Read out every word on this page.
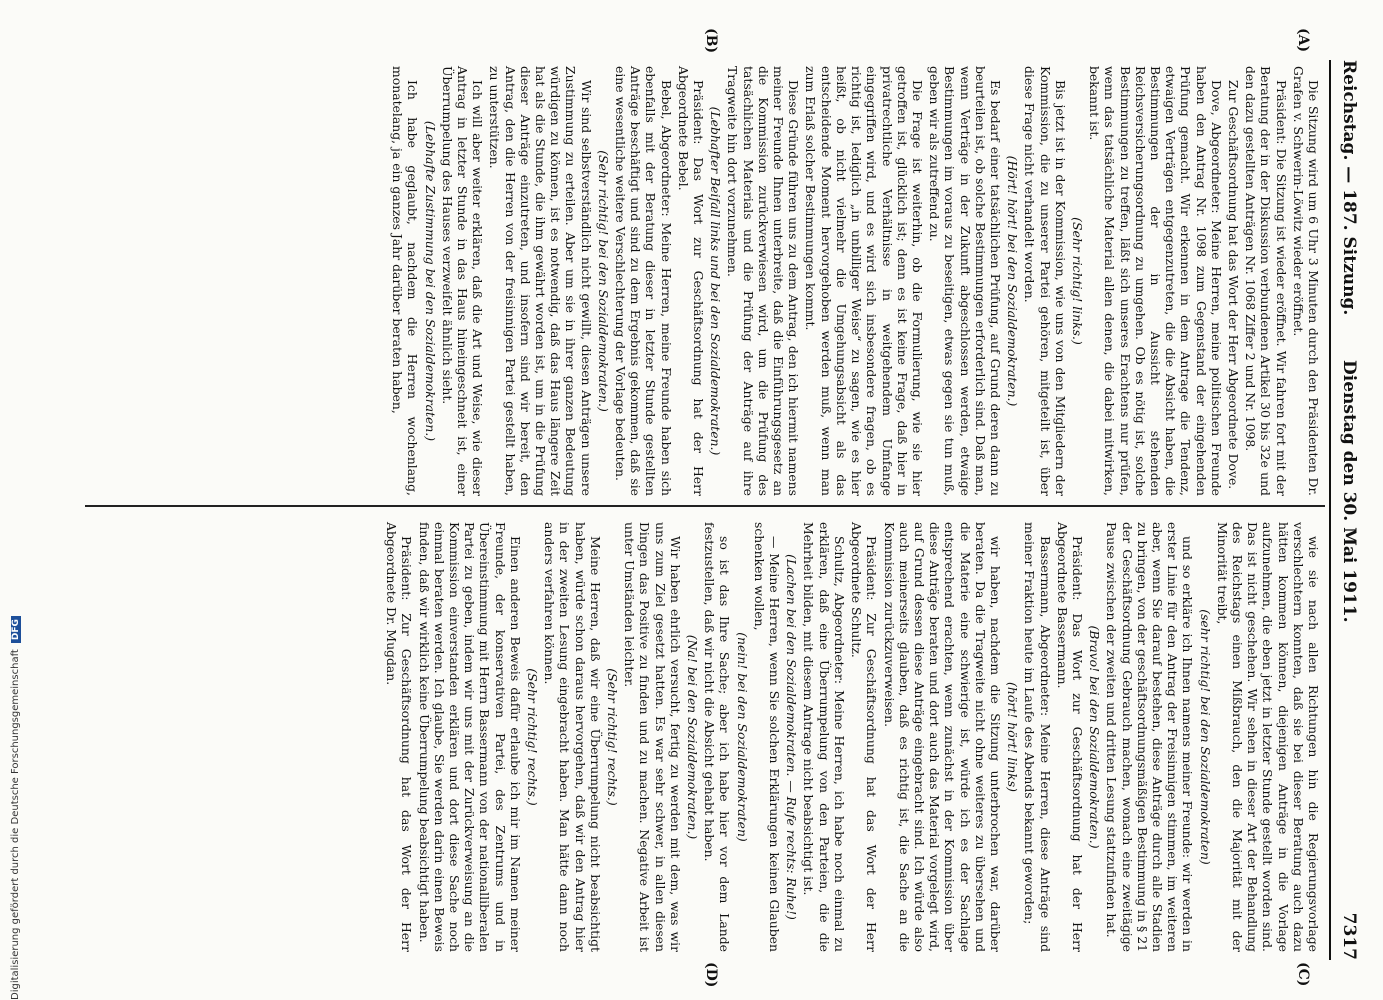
Reichstag. — 187. Sitzung.
Dienstag den 30. Mai 1911.
7317
(A)
(B)
(C)
(D)

Die Sitzung wird um 6 Uhr 3 Minuten durch den Präsidenten Dr. Grafen v. Schwerin-Löwitz wieder eröffnet.

Präsident: Die Sitzung ist wieder eröffnet. Wir fahren fort mit der Beratung der in der Diskussion verbundenen Artikel 30 bis 32e und den dazu gestellten Anträgen Nr. 1068 Ziffer 2 und Nr. 1098.

Zur Geschäftsordnung hat das Wort der Herr Abgeordnete Dove.

Dove, Abgeordneter: Meine Herren, meine politischen Freunde haben den Antrag Nr. 1098 zum Gegenstand der eingehenden Prüfung gemacht. Wir erkennen in dem Antrage die Tendenz, etwaigen Verträgen entgegenzutreten, die die Absicht haben, die Bestimmungen der in Aussicht stehenden Reichsversicherungsordnung zu umgehen. Ob es nötig ist, solche Bestimmungen zu treffen, läßt sich unseres Erachtens nur prüfen, wenn das tatsächliche Material allen denen, die dabei mitwirken, bekannt ist.

(Sehr richtig! links.)

Bis jetzt ist in der Kommission, wie uns von den Mitgliedern der Kommission, die zu unserer Partei gehören, mitgeteilt ist, über diese Frage nicht verhandelt worden.

(Hört! hört! bei den Sozialdemokraten.)

Es bedarf einer tatsächlichen Prüfung, auf Grund deren dann zu beurteilen ist, ob solche Bestimmungen erforderlich sind. Daß man, wenn Verträge in der Zukunft abgeschlossen werden, etwaige Bestimmungen im voraus zu beseitigen, etwas gegen sie tun muß, geben wir als zutreffend zu.

Die Frage ist weiterhin, ob die Formulierung, wie sie hier getroffen ist, glücklich ist; denn es ist keine Frage, daß hier in privatrechtliche Verhältnisse in weitgehendem Umfange eingegriffen wird, und es wird sich insbesondere fragen, ob es richtig ist, lediglich „in unbilliger Weise“ zu sagen, wie es hier heißt, ob nicht vielmehr die Umgehungsabsicht als das entscheidende Moment hervorgehoben werden muß, wenn man zum Erlaß solcher Bestimmungen kommt.

Diese Gründe führen uns zu dem Antrag, den ich hiermit namens meiner Freunde Ihnen unterbreite, daß die Einführungsgesetz an die Kommission zurückverwiesen wird, um die Prüfung des tatsächlichen Materials und die Prüfung der Anträge auf ihre Tragweite hin dort vorzunehmen.

(Lebhafter Beifall links und bei den Sozialdemokraten.)

Präsident: Das Wort zur Geschäftsordnung hat der Herr Abgeordnete Bebel.

Bebel, Abgeordneter: Meine Herren, meine Freunde haben sich ebenfalls mit der Beratung dieser in letzter Stunde gestellten Anträge beschäftigt und sind zu dem Ergebnis gekommen, daß sie eine wesentliche weitere Verschlechterung der Vorlage bedeuten.

(Sehr richtig! bei den Sozialdemokraten.)

Wir sind selbstverständlich nicht gewillt, diesen Anträgen unsere Zustimmung zu erteilen. Aber um sie in ihrer ganzen Bedeutung würdigen zu können, ist es notwendig, daß das Haus längere Zeit hat als die Stunde, die ihm gewährt worden ist, um in die Prüfung dieser Anträge einzutreten, und insofern sind wir bereit, den Antrag, den die Herren von der freisinnigen Partei gestellt haben, zu unterstützen.

Ich will aber weiter erklären, daß die Art und Weise, wie dieser Antrag in letzter Stunde in das Haus hineingeschneit ist, einer Überrumpelung des Hauses verzweifelt ähnlich sieht.

(Lebhafte Zustimmung bei den Sozialdemokraten.)

Ich habe geglaubt, nachdem die Herren wochenlang, monatelang, ja ein ganzes Jahr darüber beraten haben,

wie sie nach allen Richtungen hin die Regierungsvorlage verschlechtern konnten, daß sie bei dieser Beratung auch dazu hätten kommen können, diejenigen Anträge in die Vorlage aufzunehmen, die eben jetzt in letzter Stunde gestellt worden sind. Das ist nicht geschehen. Wir sehen in dieser Art der Behandlung des Reichstags einen Mißbrauch, den die Majorität mit der Minorität treibt,

(sehr richtig! bei den Sozialdemokraten)

und so erkläre ich Ihnen namens meiner Freunde: wir werden in erster Linie für den Antrag der Freisinnigen stimmen, im weiteren aber, wenn Sie darauf bestehen, diese Anträge durch alle Stadien zu bringen, von der geschäftsordnungsmäßigen Bestimmung in § 21 der Geschäftsordnung Gebrauch machen, wonach eine zweitägige Pause zwischen der zweiten und dritten Lesung stattzufinden hat.

(Bravo! bei den Sozialdemokraten.)

Präsident: Das Wort zur Geschäftsordnung hat der Herr Abgeordnete Bassermann.

Bassermann, Abgeordneter: Meine Herren, diese Anträge sind meiner Fraktion heute im Laufe des Abends bekannt geworden;

(hört! hört! links)

wir haben, nachdem die Sitzung unterbrochen war, darüber beraten. Da die Tragweite nicht ohne weiteres zu übersehen und die Materie eine schwierige ist, würde ich es der Sachlage entsprechend erachten, wenn zunächst in der Kommission über diese Anträge beraten und dort auch das Material vorgelegt wird, auf Grund dessen diese Anträge eingebracht sind. Ich würde also auch meinerseits glauben, daß es richtig ist, die Sache an die Kommission zurückzuverweisen.

Präsident: Zur Geschäftsordnung hat das Wort der Herr Abgeordnete Schultz.

Schultz, Abgeordneter: Meine Herren, ich habe noch einmal zu erklären, daß eine Überrumpelung von den Parteien, die die Mehrheit bilden, mit diesem Antrage nicht beabsichtigt ist.

(Lachen bei den Sozialdemokraten. — Rufe rechts: Ruhe!)

— Meine Herren, wenn Sie solchen Erklärungen keinen Glauben schenken wollen,

(nein! bei den Sozialdemokraten)

so ist das Ihre Sache; aber ich habe hier vor dem Lande festzustellen, daß wir nicht die Absicht gehabt haben.

(Na! bei den Sozialdemokraten.)

Wir haben ehrlich versucht, fertig zu werden mit dem, was wir uns zum Ziel gesetzt hatten. Es war sehr schwer, in allen diesen Dingen das Positive zu finden und zu machen. Negative Arbeit ist unter Umständen leichter.

(Sehr richtig! rechts.)

Meine Herren, daß wir eine Überrumpelung nicht beabsichtigt haben, würde schon daraus hervorgehen, daß wir den Antrag hier in der zweiten Lesung eingebracht haben. Man hätte dann noch anders verfahren können.

(Sehr richtig! rechts.)

Einen anderen Beweis dafür erlaube ich mir im Namen meiner Freunde, der konservativen Partei, des Zentrums und in Übereinstimmung mit Herrn Bassermann von der nationalliberalen Partei zu geben, indem wir uns mit der Zurückverweisung an die Kommission einverstanden erklären und dort diese Sache noch einmal beraten werden. Ich glaube, Sie werden darin einen Beweis finden, daß wir wirklich keine Überrumpelung beabsichtigt haben.

Präsident: Zur Geschäftsordnung hat das Wort der Herr Abgeordnete Dr. Mugdan.

Digitalisierung gefördert durch die Deutsche ForschungsgemeinschaftDFG
